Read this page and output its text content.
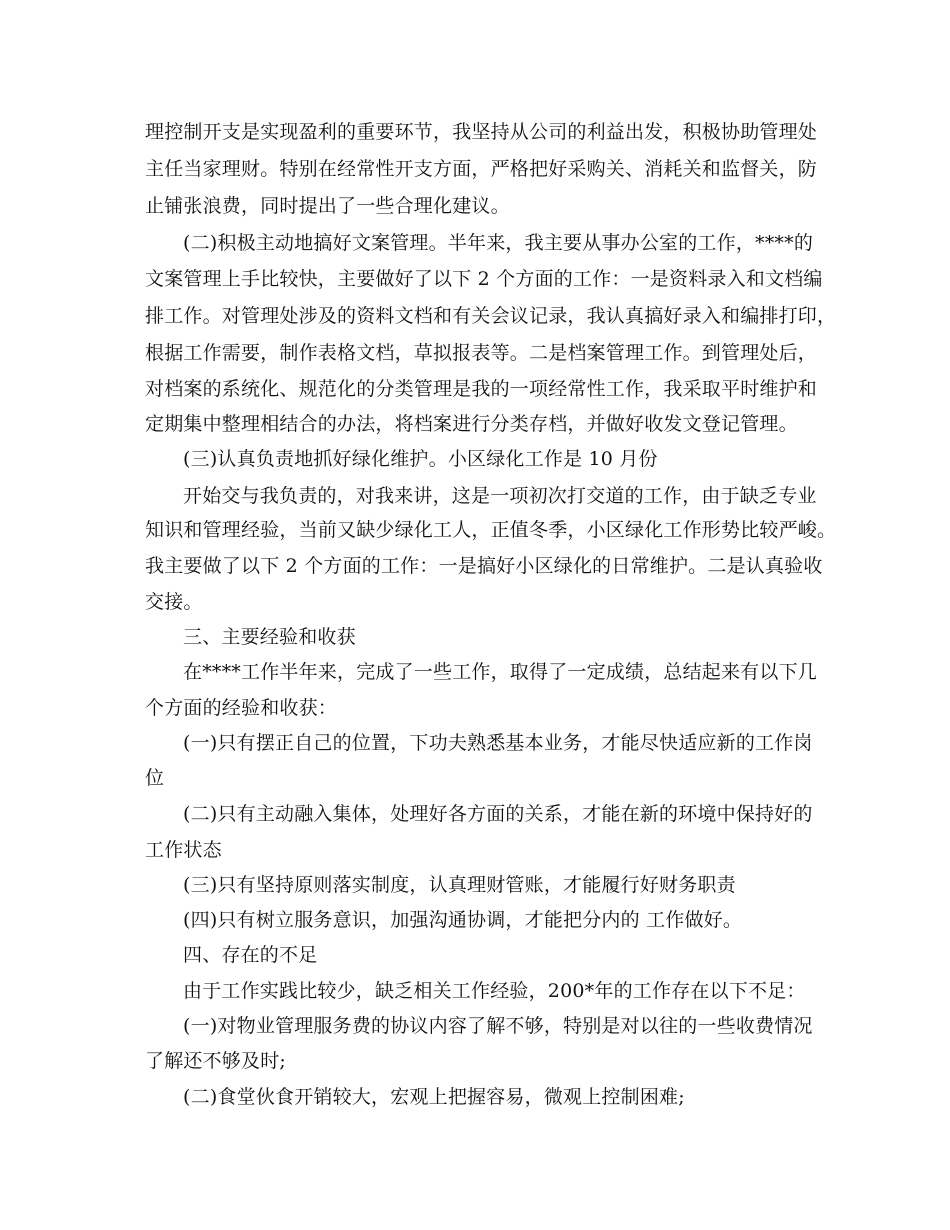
理控制开支是实现盈利的重要环节，我坚持从公司的利益出发，积极协助管理处
主任当家理财。特别在经常性开支方面，严格把好采购关、消耗关和监督关，防
止铺张浪费，同时提出了一些合理化建议。
(二)积极主动地搞好文案管理。半年来，我主要从事办公室的工作，****的
文案管理上手比较快，主要做好了以下 2 个方面的工作：一是资料录入和文档编
排工作。对管理处涉及的资料文档和有关会议记录，我认真搞好录入和编排打印，
根据工作需要，制作表格文档，草拟报表等。二是档案管理工作。到管理处后，
对档案的系统化、规范化的分类管理是我的一项经常性工作，我采取平时维护和
定期集中整理相结合的办法，将档案进行分类存档，并做好收发文登记管理。
(三)认真负责地抓好绿化维护。小区绿化工作是 10 月份
开始交与我负责的，对我来讲，这是一项初次打交道的工作，由于缺乏专业
知识和管理经验，当前又缺少绿化工人，正值冬季，小区绿化工作形势比较严峻。
我主要做了以下 2 个方面的工作：一是搞好小区绿化的日常维护。二是认真验收
交接。
三、主要经验和收获
在****工作半年来，完成了一些工作，取得了一定成绩，总结起来有以下几
个方面的经验和收获：
(一)只有摆正自己的位置，下功夫熟悉基本业务，才能尽快适应新的工作岗
位
(二)只有主动融入集体，处理好各方面的关系，才能在新的环境中保持好的
工作状态
(三)只有坚持原则落实制度，认真理财管账，才能履行好财务职责
(四)只有树立服务意识，加强沟通协调，才能把分内的 工作做好。
四、存在的不足
由于工作实践比较少，缺乏相关工作经验，200*年的工作存在以下不足：
(一)对物业管理服务费的协议内容了解不够，特别是对以往的一些收费情况
了解还不够及时;
(二)食堂伙食开销较大，宏观上把握容易，微观上控制困难;
